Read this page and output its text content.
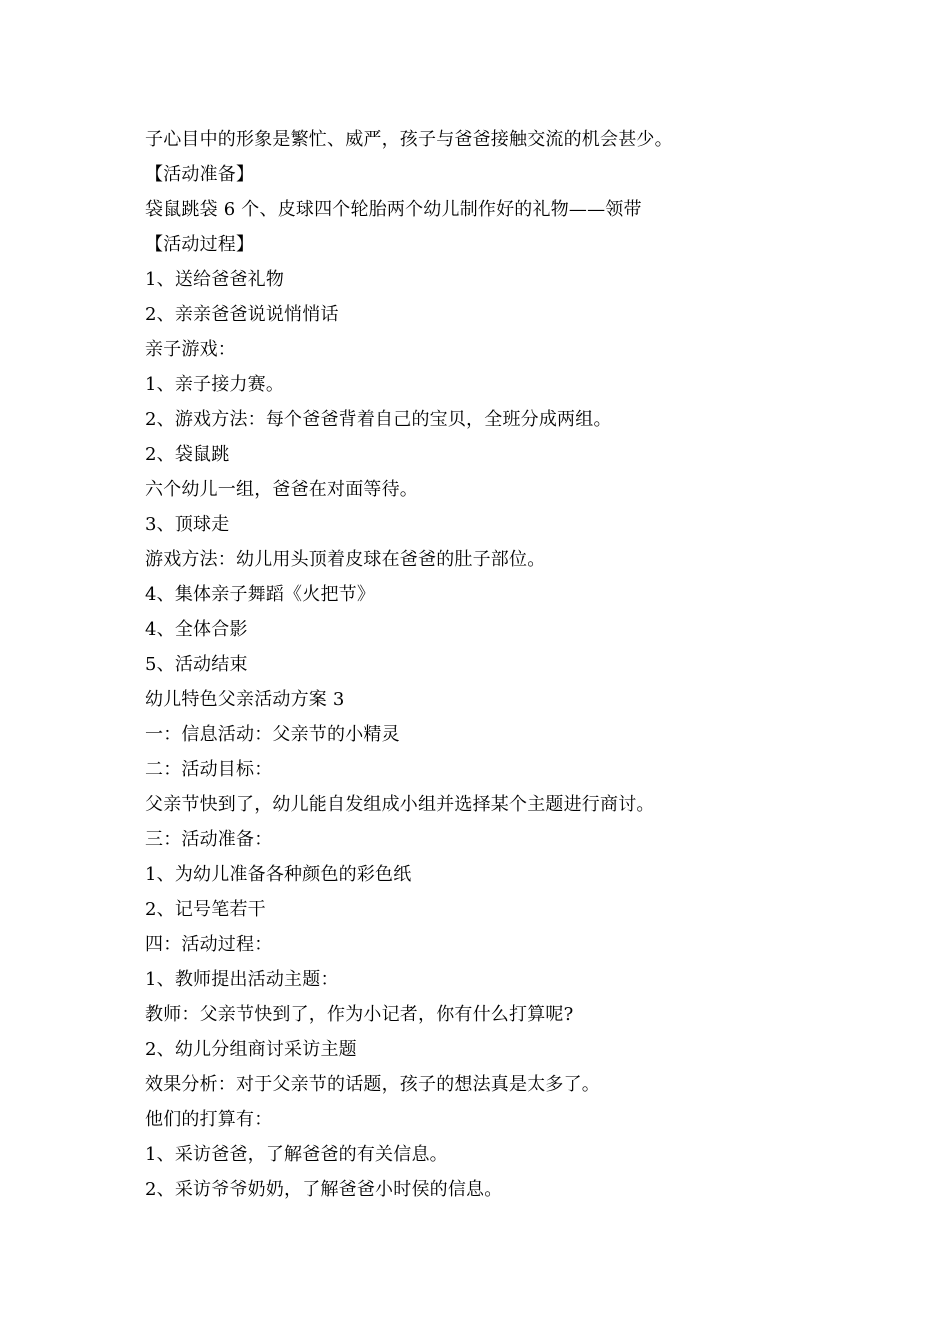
子心目中的形象是繁忙、威严，孩子与爸爸接触交流的机会甚少。
【活动准备】
袋鼠跳袋 6 个、皮球四个轮胎两个幼儿制作好的礼物——领带
【活动过程】
1、送给爸爸礼物
2、亲亲爸爸说说悄悄话
亲子游戏：
1、亲子接力赛。
2、游戏方法：每个爸爸背着自己的宝贝，全班分成两组。
2、袋鼠跳
六个幼儿一组，爸爸在对面等待。
3、顶球走
游戏方法：幼儿用头顶着皮球在爸爸的肚子部位。
4、集体亲子舞蹈《火把节》
4、全体合影
5、活动结束
幼儿特色父亲活动方案 3
一：信息活动：父亲节的小精灵
二：活动目标：
父亲节快到了，幼儿能自发组成小组并选择某个主题进行商讨。
三：活动准备：
1、为幼儿准备各种颜色的彩色纸
2、记号笔若干
四：活动过程：
1、教师提出活动主题：
教师：父亲节快到了，作为小记者，你有什么打算呢?
2、幼儿分组商讨采访主题
效果分析：对于父亲节的话题，孩子的想法真是太多了。
他们的打算有：
1、采访爸爸，了解爸爸的有关信息。
2、采访爷爷奶奶，了解爸爸小时侯的信息。
